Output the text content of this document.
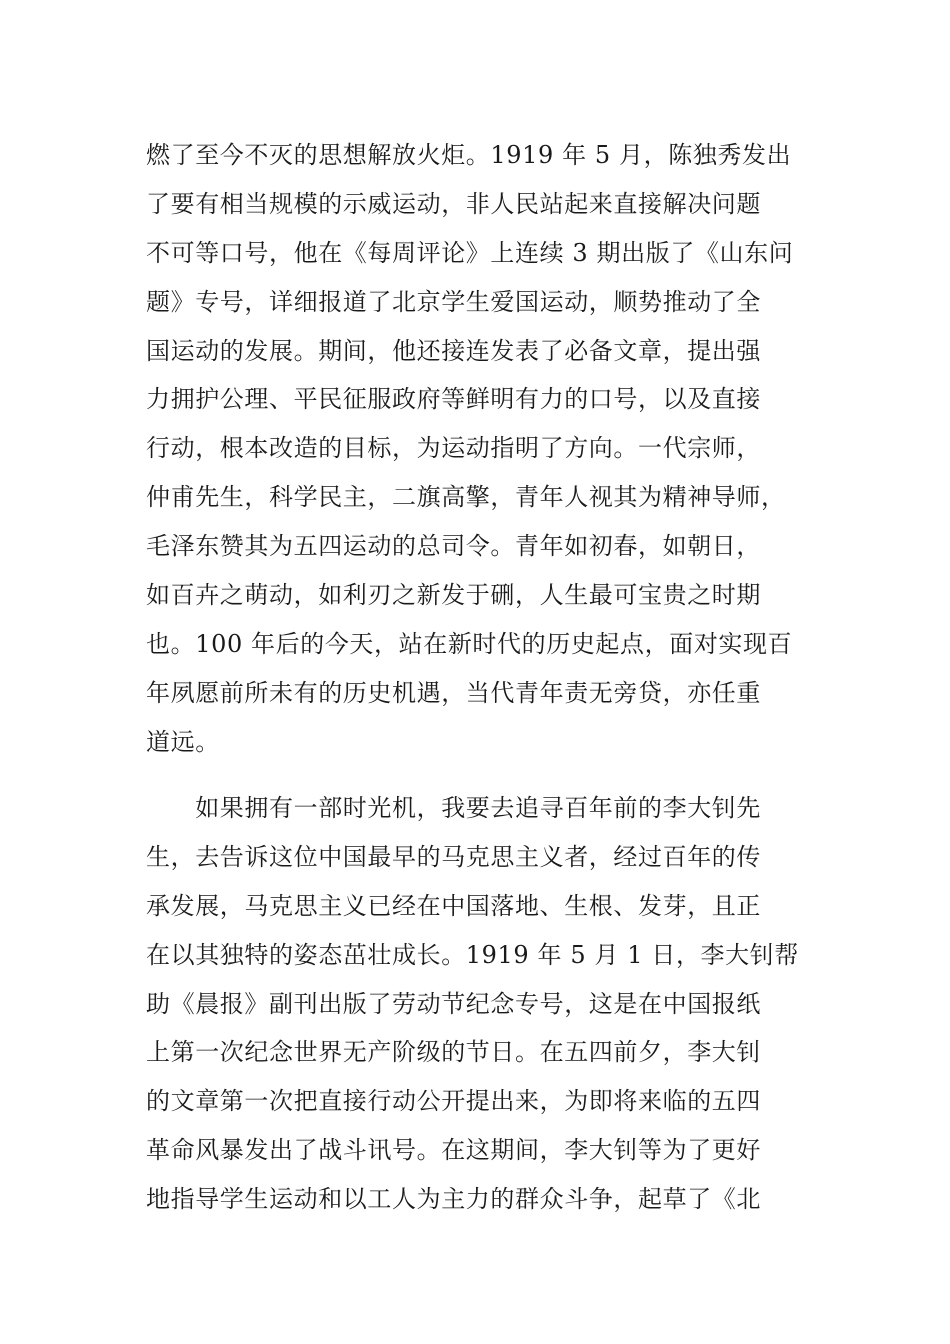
燃了至今不灭的思想解放火炬。1919 年 5 月，陈独秀发出
了要有相当规模的示威运动，非人民站起来直接解决问题
不可等口号，他在《每周评论》上连续 3 期出版了《山东问
题》专号，详细报道了北京学生爱国运动，顺势推动了全
国运动的发展。期间，他还接连发表了必备文章，提出强
力拥护公理、平民征服政府等鲜明有力的口号，以及直接
行动，根本改造的目标，为运动指明了方向。一代宗师，
仲甫先生，科学民主，二旗高擎，青年人视其为精神导师，
毛泽东赞其为五四运动的总司令。青年如初春，如朝日，
如百卉之萌动，如利刃之新发于硎，人生最可宝贵之时期
也。100 年后的今天，站在新时代的历史起点，面对实现百
年夙愿前所未有的历史机遇，当代青年责无旁贷，亦任重
道远。
　　如果拥有一部时光机，我要去追寻百年前的李大钊先
生，去告诉这位中国最早的马克思主义者，经过百年的传
承发展，马克思主义已经在中国落地、生根、发芽，且正
在以其独特的姿态茁壮成长。1919 年 5 月 1 日，李大钊帮
助《晨报》副刊出版了劳动节纪念专号，这是在中国报纸
上第一次纪念世界无产阶级的节日。在五四前夕，李大钊
的文章第一次把直接行动公开提出来，为即将来临的五四
革命风暴发出了战斗讯号。在这期间，李大钊等为了更好
地指导学生运动和以工人为主力的群众斗争，起草了《北
